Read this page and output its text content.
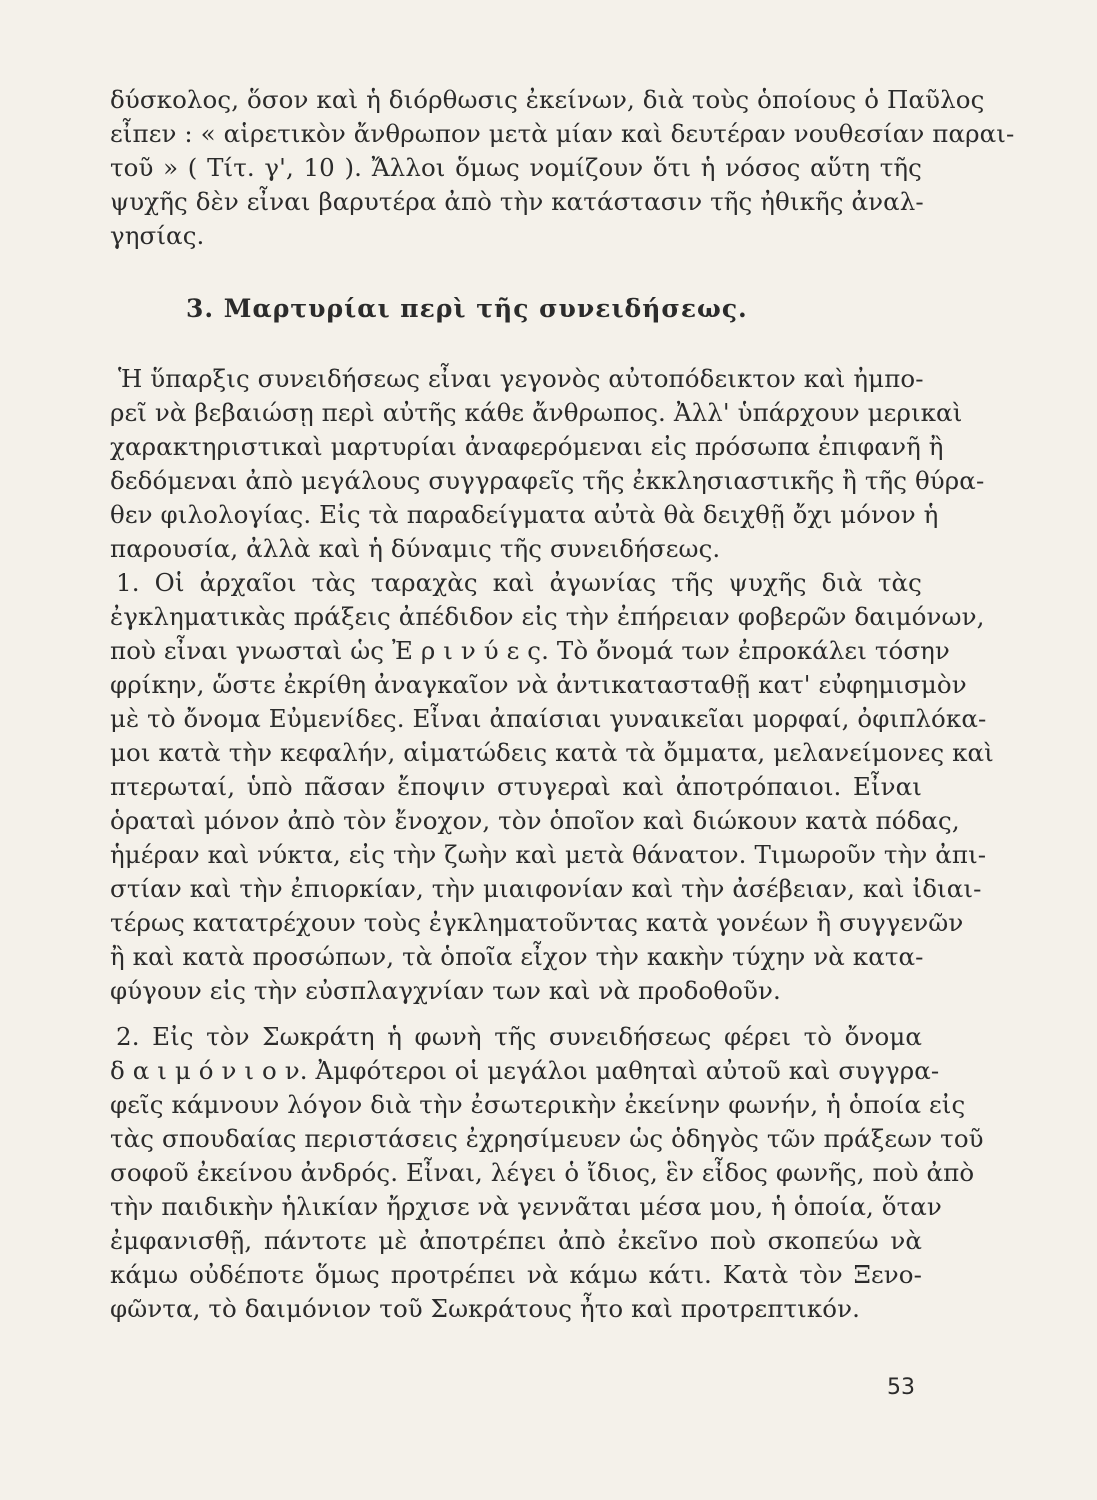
δύσκολος, ὅσον καὶ ἡ διόρθωσις ἐκείνων, διὰ τοὺς ὁποίους ὁ Παῦλος
εἶπεν : « αἱρετικὸν ἄνθρωπον μετὰ μίαν καὶ δευτέραν νουθεσίαν παραι-
τοῦ » ( Τίτ. γ', 10 ). Ἄλλοι ὅμως νομίζουν ὅτι ἡ νόσος αὕτη τῆς
ψυχῆς δὲν εἶναι βαρυτέρα ἀπὸ τὴν κατάστασιν τῆς ἠθικῆς ἀναλ-
γησίας.
3. Μαρτυρίαι περὶ τῆς συνειδήσεως.
Ἡ ὕπαρξις συνειδήσεως εἶναι γεγονὸς αὐτοπόδεικτον καὶ ἠμπο-
ρεῖ νὰ βεβαιώσῃ περὶ αὐτῆς κάθε ἄνθρωπος. Ἀλλ' ὑπάρχουν μερικαὶ
χαρακτηριστικαὶ μαρτυρίαι ἀναφερόμεναι εἰς πρόσωπα ἐπιφανῆ ἢ
δεδόμεναι ἀπὸ μεγάλους συγγραφεῖς τῆς ἐκκλησιαστικῆς ἢ τῆς θύρα-
θεν φιλολογίας. Εἰς τὰ παραδείγματα αὐτὰ θὰ δειχθῇ ὄχι μόνον ἡ
παρουσία, ἀλλὰ καὶ ἡ δύναμις τῆς συνειδήσεως.
1. Οἱ ἀρχαῖοι τὰς ταραχὰς καὶ ἀγωνίας τῆς ψυχῆς διὰ τὰς
ἐγκληματικὰς πράξεις ἀπέδιδον εἰς τὴν ἐπήρειαν φοβερῶν δαιμόνων,
ποὺ εἶναι γνωσταὶ ὡς Ἐ ρ ι ν ύ ε ς. Τὸ ὄνομά των ἐπροκάλει τόσην
φρίκην, ὥστε ἐκρίθη ἀναγκαῖον νὰ ἀντικατασταθῇ κατ' εὐφημισμὸν
μὲ τὸ ὄνομα Εὐμενίδες. Εἶναι ἀπαίσιαι γυναικεῖαι μορφαί, ὀφιπλόκα-
μοι κατὰ τὴν κεφαλήν, αἱματώδεις κατὰ τὰ ὄμματα, μελανείμονες καὶ
πτερωταί, ὑπὸ πᾶσαν ἔποψιν στυγεραὶ καὶ ἀποτρόπαιοι. Εἶναι
ὁραταὶ μόνον ἀπὸ τὸν ἔνοχον, τὸν ὁποῖον καὶ διώκουν κατὰ πόδας,
ἡμέραν καὶ νύκτα, εἰς τὴν ζωὴν καὶ μετὰ θάνατον. Τιμωροῦν τὴν ἀπι-
στίαν καὶ τὴν ἐπιορκίαν, τὴν μιαιφονίαν καὶ τὴν ἀσέβειαν, καὶ ἰδιαι-
τέρως κατατρέχουν τοὺς ἐγκληματοῦντας κατὰ γονέων ἢ συγγενῶν
ἢ καὶ κατὰ προσώπων, τὰ ὁποῖα εἶχον τὴν κακὴν τύχην νὰ κατα-
φύγουν εἰς τὴν εὐσπλαγχνίαν των καὶ νὰ προδοθοῦν.
2. Εἰς τὸν Σωκράτη ἡ φωνὴ τῆς συνειδήσεως φέρει τὸ ὄνομα
δ α ι μ ό ν ι ο ν. Ἀμφότεροι οἱ μεγάλοι μαθηταὶ αὐτοῦ καὶ συγγρα-
φεῖς κάμνουν λόγον διὰ τὴν ἐσωτερικὴν ἐκείνην φωνήν, ἡ ὁποία εἰς
τὰς σπουδαίας περιστάσεις ἐχρησίμευεν ὡς ὁδηγὸς τῶν πράξεων τοῦ
σοφοῦ ἐκείνου ἀνδρός. Εἶναι, λέγει ὁ ἴδιος, ἓν εἶδος φωνῆς, ποὺ ἀπὸ
τὴν παιδικὴν ἡλικίαν ἤρχισε νὰ γεννᾶται μέσα μου, ἡ ὁποία, ὅταν
ἐμφανισθῇ, πάντοτε μὲ ἀποτρέπει ἀπὸ ἐκεῖνο ποὺ σκοπεύω νὰ
κάμω οὐδέποτε ὅμως προτρέπει νὰ κάμω κάτι. Κατὰ τὸν Ξενο-
φῶντα, τὸ δαιμόνιον τοῦ Σωκράτους ἦτο καὶ προτρεπτικόν.
53
